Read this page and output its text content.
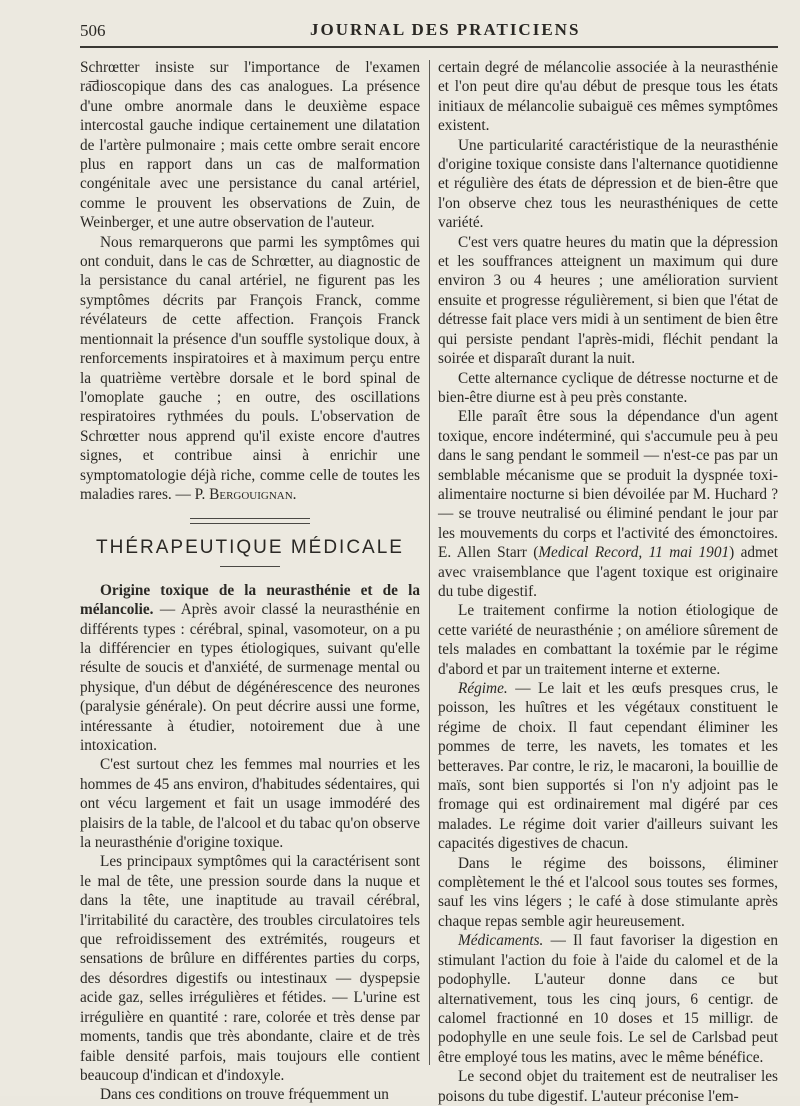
506	JOURNAL DES PRATICIENS

Schrœtter insiste sur l'importance de l'examen ra͞dioscopique dans des cas analogues. La présence d'une ombre anormale dans le deuxième espace intercostal gauche indique certainement une dilatation de l'artère pulmonaire ; mais cette ombre serait encore plus en rapport dans un cas de malformation congénitale avec une persistance du canal artériel, comme le prouvent les observations de Zuin, de Weinberger, et une autre observation de l'auteur.

Nous remarquerons que parmi les symptômes qui ont conduit, dans le cas de Schrœtter, au diagnostic de la persistance du canal artériel, ne figurent pas les symptômes décrits par François Franck, comme révélateurs de cette affection. François Franck mentionnait la présence d'un souffle systolique doux, à renforcements inspiratoires et à maximum perçu entre la quatrième vertèbre dorsale et le bord spinal de l'omoplate gauche ; en outre, des oscillations respiratoires rythmées du pouls. L'observation de Schrœtter nous apprend qu'il existe encore d'autres signes, et contribue ainsi à enrichir une symptomatologie déjà riche, comme celle de toutes les maladies rares. — P. Bergouignan.

THÉRAPEUTIQUE MÉDICALE

Origine toxique de la neurasthénie et de la mélancolie. — Après avoir classé la neurasthénie en différents types : cérébral, spinal, vasomoteur, on a pu la différencier en types étiologiques, suivant qu'elle résulte de soucis et d'anxiété, de surmenage mental ou physique, d'un début de dégénérescence des neurones (paralysie générale). On peut décrire aussi une forme, intéressante à étudier, notoirement due à une intoxication.

C'est surtout chez les femmes mal nourries et les hommes de 45 ans environ, d'habitudes sédentaires, qui ont vécu largement et fait un usage immodéré des plaisirs de la table, de l'alcool et du tabac qu'on observe la neurasthénie d'origine toxique.

Les principaux symptômes qui la caractérisent sont le mal de tête, une pression sourde dans la nuque et dans la tête, une inaptitude au travail cérébral, l'irritabilité du caractère, des troubles circulatoires tels que refroidissement des extrémités, rougeurs et sensations de brûlure en différentes parties du corps, des désordres digestifs ou intestinaux — dyspepsie acide gaz, selles irrégulières et fétides. — L'urine est irrégulière en quantité : rare, colorée et très dense par moments, tandis que très abondante, claire et de très faible densité parfois, mais toujours elle contient beaucoup d'indican et d'indoxyle.

Dans ces conditions on trouve fréquemment un

certain degré de mélancolie associée à la neurasthénie et l'on peut dire qu'au début de presque tous les états initiaux de mélancolie subaiguë ces mêmes symptômes existent.

Une particularité caractéristique de la neurasthénie d'origine toxique consiste dans l'alternance quotidienne et régulière des états de dépression et de bien-être que l'on observe chez tous les neurasthéniques de cette variété.

C'est vers quatre heures du matin que la dépression et les souffrances atteignent un maximum qui dure environ 3 ou 4 heures ; une amélioration survient ensuite et progresse régulièrement, si bien que l'état de détresse fait place vers midi à un sentiment de bien être qui persiste pendant l'après-midi, fléchit pendant la soirée et disparaît durant la nuit.

Cette alternance cyclique de détresse nocturne et de bien-être diurne est à peu près constante.

Elle paraît être sous la dépendance d'un agent toxique, encore indéterminé, qui s'accumule peu à peu dans le sang pendant le sommeil — n'est-ce pas par un semblable mécanisme que se produit la dyspnée toxi-alimentaire nocturne si bien dévoilée par M. Huchard ? — se trouve neutralisé ou éliminé pendant le jour par les mouvements du corps et l'activité des émonctoires. E. Allen Starr (Medical Record, 11 mai 1901) admet avec vraisemblance que l'agent toxique est originaire du tube digestif.

Le traitement confirme la notion étiologique de cette variété de neurasthénie ; on améliore sûrement de tels malades en combattant la toxémie par le régime d'abord et par un traitement interne et externe.

Régime. — Le lait et les œufs presques crus, le poisson, les huîtres et les végétaux constituent le régime de choix. Il faut cependant éliminer les pommes de terre, les navets, les tomates et les betteraves. Par contre, le riz, le macaroni, la bouillie de maïs, sont bien supportés si l'on n'y adjoint pas le fromage qui est ordinairement mal digéré par ces malades. Le régime doit varier d'ailleurs suivant les capacités digestives de chacun.

Dans le régime des boissons, éliminer complètement le thé et l'alcool sous toutes ses formes, sauf les vins légers ; le café à dose stimulante après chaque repas semble agir heureusement.

Médicaments. — Il faut favoriser la digestion en stimulant l'action du foie à l'aide du calomel et de la podophylle. L'auteur donne dans ce but alternativement, tous les cinq jours, 6 centigr. de calomel fractionné en 10 doses et 15 milligr. de podophylle en une seule fois. Le sel de Carlsbad peut être employé tous les matins, avec le même bénéfice.

Le second objet du traitement est de neutraliser les poisons du tube digestif. L'auteur préconise l'em-
